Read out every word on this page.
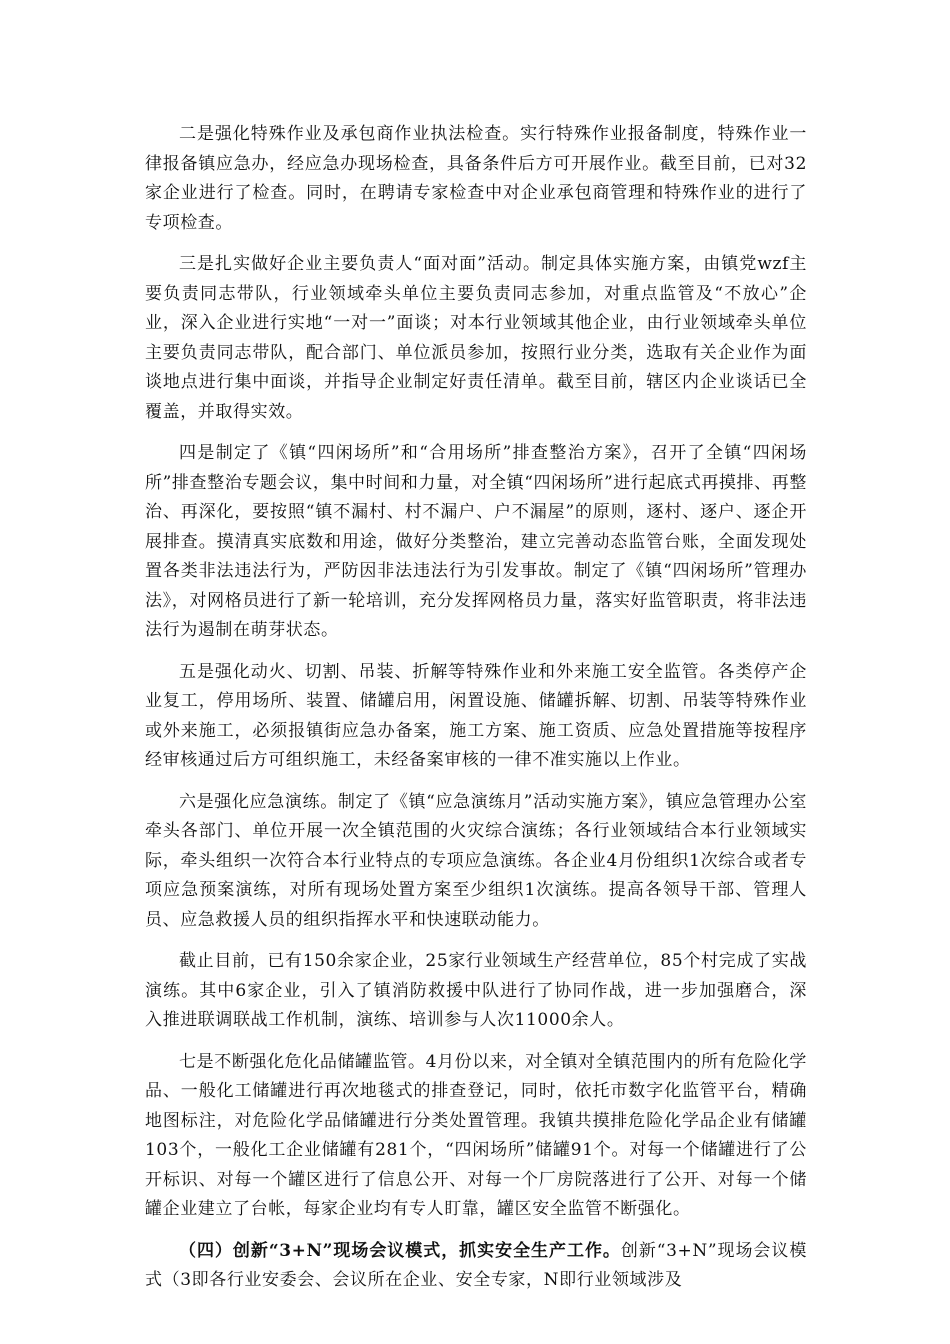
二是强化特殊作业及承包商作业执法检查。实行特殊作业报备制度，特殊作业一律报备镇应急办，经应急办现场检查，具备条件后方可开展作业。截至目前，已对32家企业进行了检查。同时，在聘请专家检查中对企业承包商管理和特殊作业的进行了专项检查。

三是扎实做好企业主要负责人“面对面”活动。制定具体实施方案，由镇党wzf主要负责同志带队，行业领域牵头单位主要负责同志参加，对重点监管及“不放心”企业，深入企业进行实地“一对一”面谈；对本行业领域其他企业，由行业领域牵头单位主要负责同志带队，配合部门、单位派员参加，按照行业分类，选取有关企业作为面谈地点进行集中面谈，并指导企业制定好责任清单。截至目前，辖区内企业谈话已全覆盖，并取得实效。

四是制定了《镇“四闲场所”和“合用场所”排查整治方案》，召开了全镇“四闲场所”排查整治专题会议，集中时间和力量，对全镇“四闲场所”进行起底式再摸排、再整治、再深化，要按照“镇不漏村、村不漏户、户不漏屋”的原则，逐村、逐户、逐企开展排查。摸清真实底数和用途，做好分类整治，建立完善动态监管台账，全面发现处置各类非法违法行为，严防因非法违法行为引发事故。制定了《镇“四闲场所”管理办法》，对网格员进行了新一轮培训，充分发挥网格员力量，落实好监管职责，将非法违法行为遏制在萌芽状态。

五是强化动火、切割、吊装、折解等特殊作业和外来施工安全监管。各类停产企业复工，停用场所、装置、储罐启用，闲置设施、储罐拆解、切割、吊装等特殊作业或外来施工，必须报镇街应急办备案，施工方案、施工资质、应急处置措施等按程序经审核通过后方可组织施工，未经备案审核的一律不准实施以上作业。

六是强化应急演练。制定了《镇“应急演练月”活动实施方案》，镇应急管理办公室牵头各部门、单位开展一次全镇范围的火灾综合演练；各行业领域结合本行业领域实际，牵头组织一次符合本行业特点的专项应急演练。各企业4月份组织1次综合或者专项应急预案演练，对所有现场处置方案至少组织1次演练。提高各领导干部、管理人员、应急救援人员的组织指挥水平和快速联动能力。

截止目前，已有150余家企业，25家行业领域生产经营单位，85个村完成了实战演练。其中6家企业，引入了镇消防救援中队进行了协同作战，进一步加强磨合，深入推进联调联战工作机制，演练、培训参与人次11000余人。

七是不断强化危化品储罐监管。4月份以来，对全镇对全镇范围内的所有危险化学品、一般化工储罐进行再次地毯式的排查登记，同时，依托市数字化监管平台，精确地图标注，对危险化学品储罐进行分类处置管理。我镇共摸排危险化学品企业有储罐103个，一般化工企业储罐有281个，“四闲场所”储罐91个。对每一个储罐进行了公开标识、对每一个罐区进行了信息公开、对每一个厂房院落进行了公开、对每一个储罐企业建立了台帐，每家企业均有专人盯靠，罐区安全监管不断强化。

（四）创新“3+N”现场会议模式，抓实安全生产工作。创新“3+N”现场会议模式（3即各行业安委会、会议所在企业、安全专家，N即行业领域涉及
